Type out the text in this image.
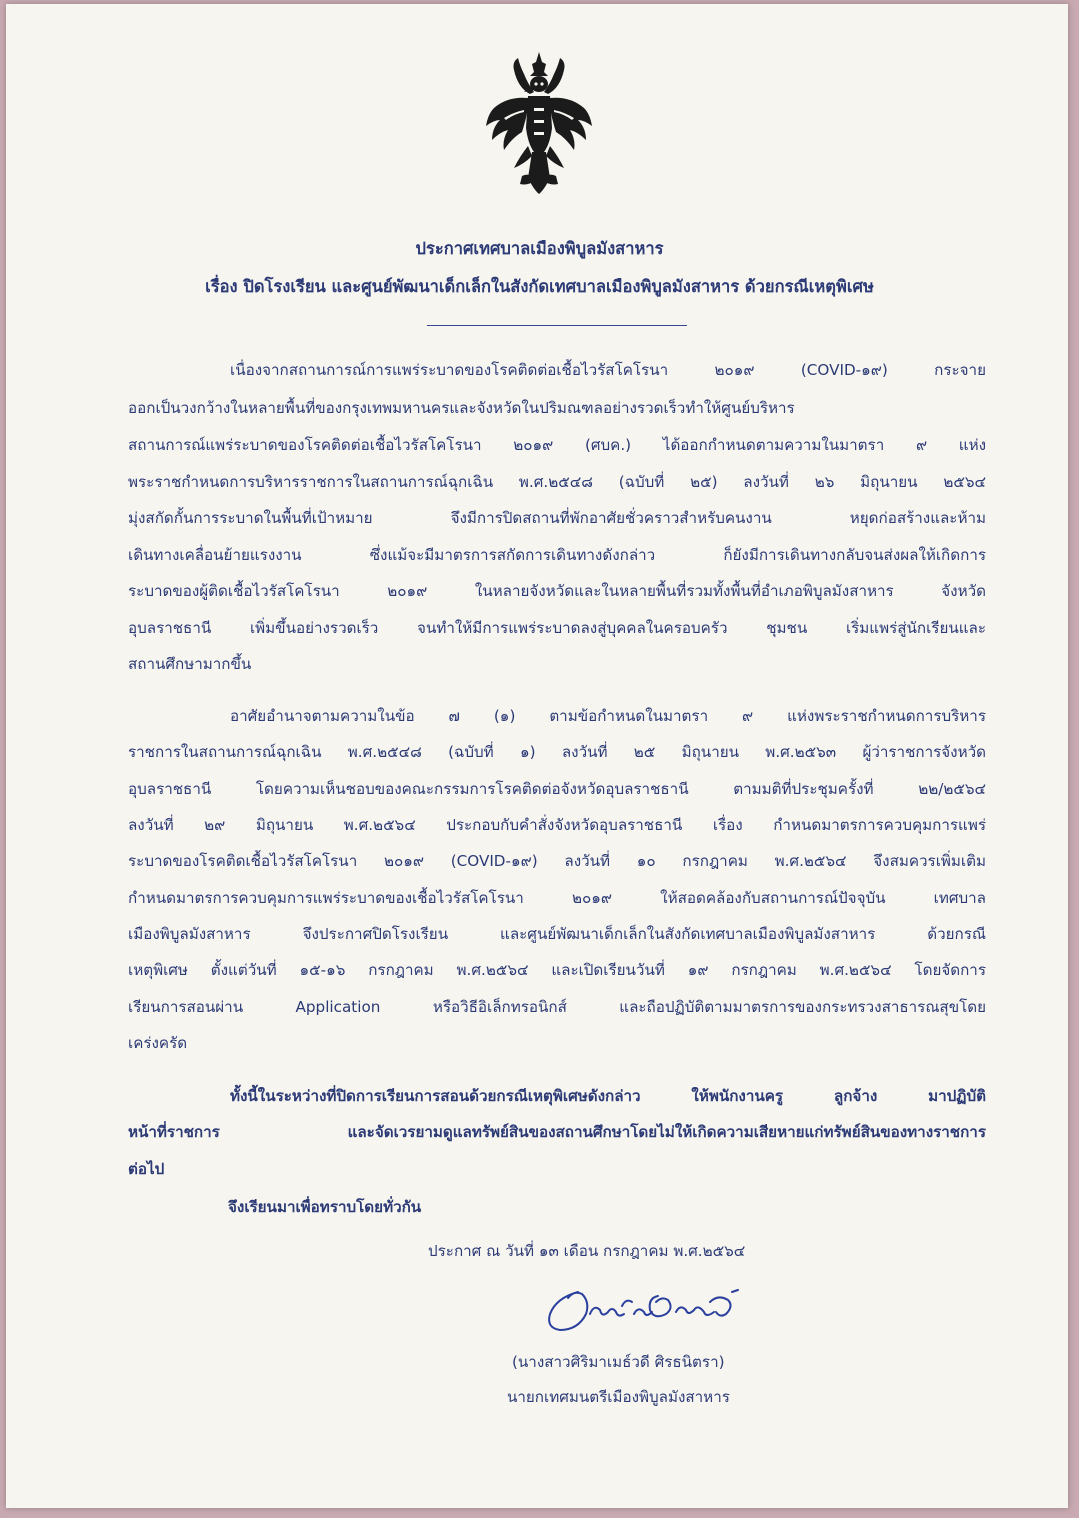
ประกาศเทศบาลเมืองพิบูลมังสาหาร
เรื่อง ปิดโรงเรียน และศูนย์พัฒนาเด็กเล็กในสังกัดเทศบาลเมืองพิบูลมังสาหาร ด้วยกรณีเหตุพิเศษ
เนื่องจากสถานการณ์การแพร่ระบาดของโรคติดต่อเชื้อไวรัสโคโรนา ๒๐๑๙ (COVID-๑๙) กระจาย
ออกเป็นวงกว้างในหลายพื้นที่ของกรุงเทพมหานครและจังหวัดในปริมณฑลอย่างรวดเร็วทำให้ศูนย์บริหาร
สถานการณ์แพร่ระบาดของโรคติดต่อเชื้อไวรัสโคโรนา ๒๐๑๙ (ศบค.) ได้ออกกำหนดตามความในมาตรา ๙ แห่ง
พระราชกำหนดการบริหารราชการในสถานการณ์ฉุกเฉิน พ.ศ.๒๕๔๘ (ฉบับที่ ๒๕) ลงวันที่ ๒๖ มิถุนายน ๒๕๖๔
มุ่งสกัดกั้นการระบาดในพื้นที่เป้าหมาย จึงมีการปิดสถานที่พักอาศัยชั่วคราวสำหรับคนงาน หยุดก่อสร้างและห้าม
เดินทางเคลื่อนย้ายแรงงาน ซึ่งแม้จะมีมาตรการสกัดการเดินทางดังกล่าว ก็ยังมีการเดินทางกลับจนส่งผลให้เกิดการ
ระบาดของผู้ติดเชื้อไวรัสโคโรนา ๒๐๑๙ ในหลายจังหวัดและในหลายพื้นที่รวมทั้งพื้นที่อำเภอพิบูลมังสาหาร จังหวัด
อุบลราชธานี เพิ่มขึ้นอย่างรวดเร็ว จนทำให้มีการแพร่ระบาดลงสู่บุคคลในครอบครัว ชุมชน เริ่มแพร่สู่นักเรียนและ
สถานศึกษามากขึ้น
อาศัยอำนาจตามความในข้อ ๗ (๑) ตามข้อกำหนดในมาตรา ๙ แห่งพระราชกำหนดการบริหาร
ราชการในสถานการณ์ฉุกเฉิน พ.ศ.๒๕๔๘ (ฉบับที่ ๑) ลงวันที่ ๒๕ มิถุนายน พ.ศ.๒๕๖๓ ผู้ว่าราชการจังหวัด
อุบลราชธานี โดยความเห็นชอบของคณะกรรมการโรคติดต่อจังหวัดอุบลราชธานี ตามมติที่ประชุมครั้งที่ ๒๒/๒๕๖๔
ลงวันที่ ๒๙ มิถุนายน พ.ศ.๒๕๖๔ ประกอบกับคำสั่งจังหวัดอุบลราชธานี เรื่อง กำหนดมาตรการควบคุมการแพร่
ระบาดของโรคติดเชื้อไวรัสโคโรนา ๒๐๑๙ (COVID-๑๙) ลงวันที่ ๑๐ กรกฎาคม พ.ศ.๒๕๖๔ จึงสมควรเพิ่มเติม
กำหนดมาตรการควบคุมการแพร่ระบาดของเชื้อไวรัสโคโรนา ๒๐๑๙ ให้สอดคล้องกับสถานการณ์ปัจจุบัน เทศบาล
เมืองพิบูลมังสาหาร จึงประกาศปิดโรงเรียน และศูนย์พัฒนาเด็กเล็กในสังกัดเทศบาลเมืองพิบูลมังสาหาร ด้วยกรณี
เหตุพิเศษ ตั้งแต่วันที่ ๑๕-๑๖ กรกฎาคม พ.ศ.๒๕๖๔ และเปิดเรียนวันที่ ๑๙ กรกฎาคม พ.ศ.๒๕๖๔ โดยจัดการ
เรียนการสอนผ่าน Application หรือวิธีอิเล็กทรอนิกส์ และถือปฏิบัติตามมาตรการของกระทรวงสาธารณสุขโดย
เคร่งครัด
ทั้งนี้ในระหว่างที่ปิดการเรียนการสอนด้วยกรณีเหตุพิเศษดังกล่าว ให้พนักงานครู ลูกจ้าง มาปฏิบัติ
หน้าที่ราชการ และจัดเวรยามดูแลทรัพย์สินของสถานศึกษาโดยไม่ให้เกิดความเสียหายแก่ทรัพย์สินของทางราชการ
ต่อไป
จึงเรียนมาเพื่อทราบโดยทั่วกัน
ประกาศ ณ วันที่ ๑๓ เดือน กรกฎาคม พ.ศ.๒๕๖๔
(นางสาวศิริมาเมธ์วดี ศิรธนิตรา)
นายกเทศมนตรีเมืองพิบูลมังสาหาร
